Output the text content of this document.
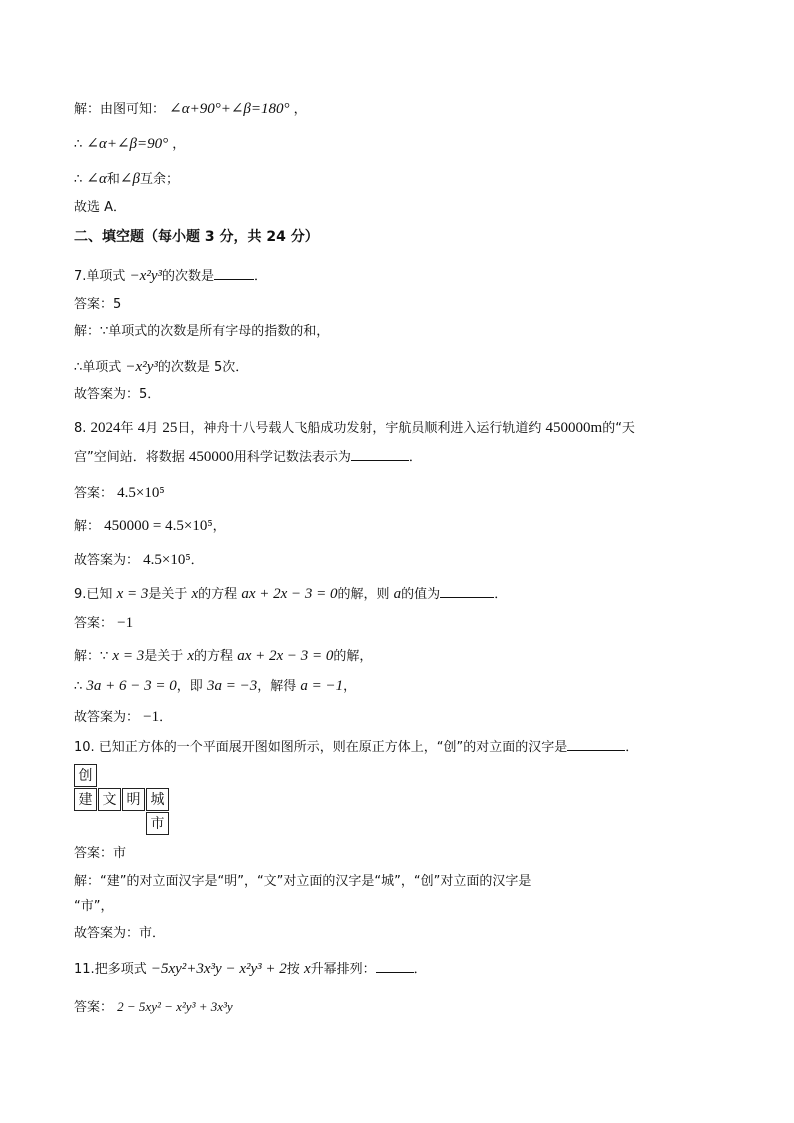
解：由图可知： ∠α+90°+∠β=180° ，
∴ ∠α+∠β=90° ，
∴ ∠α和∠β互余；
故选 A．
二、填空题（每小题 3 分，共 24 分）
7.单项式 −x²y³的次数是	．
答案：5
解：∵单项式的次数是所有字母的指数的和，
∴单项式 −x²y³的次数是 5次．
故答案为：5．
8. 2024年 4月 25日，神舟十八号载人飞船成功发射，宇航员顺利进入运行轨道约 450000m的“天
宫”空间站．将数据 450000用科学记数法表示为	．
答案： 4.5×10⁵
解： 450000 = 4.5×10⁵，
故答案为： 4.5×10⁵．
9.已知 x = 3是关于 x的方程 ax + 2x − 3 = 0的解，则 a的值为	．
答案： −1
解：∵ x = 3是关于 x的方程 ax + 2x − 3 = 0的解，
∴ 3a + 6 − 3 = 0，即 3a = −3，解得 a = −1，
故答案为： −1．
10. 已知正方体的一个平面展开图如图所示，则在原正方体上，“创”的对立面的汉字是	．
创
建 文 明 城
市
答案：市
解：“建”的对立面汉字是“明”，“文”对立面的汉字是“城”，“创”对立面的汉字是
“市”，
故答案为：市．
11.把多项式 −5xy²+3x³y − x²y³ + 2按 x升幂排列：	．
答案： 2 − 5xy² − x²y³ + 3x³y
